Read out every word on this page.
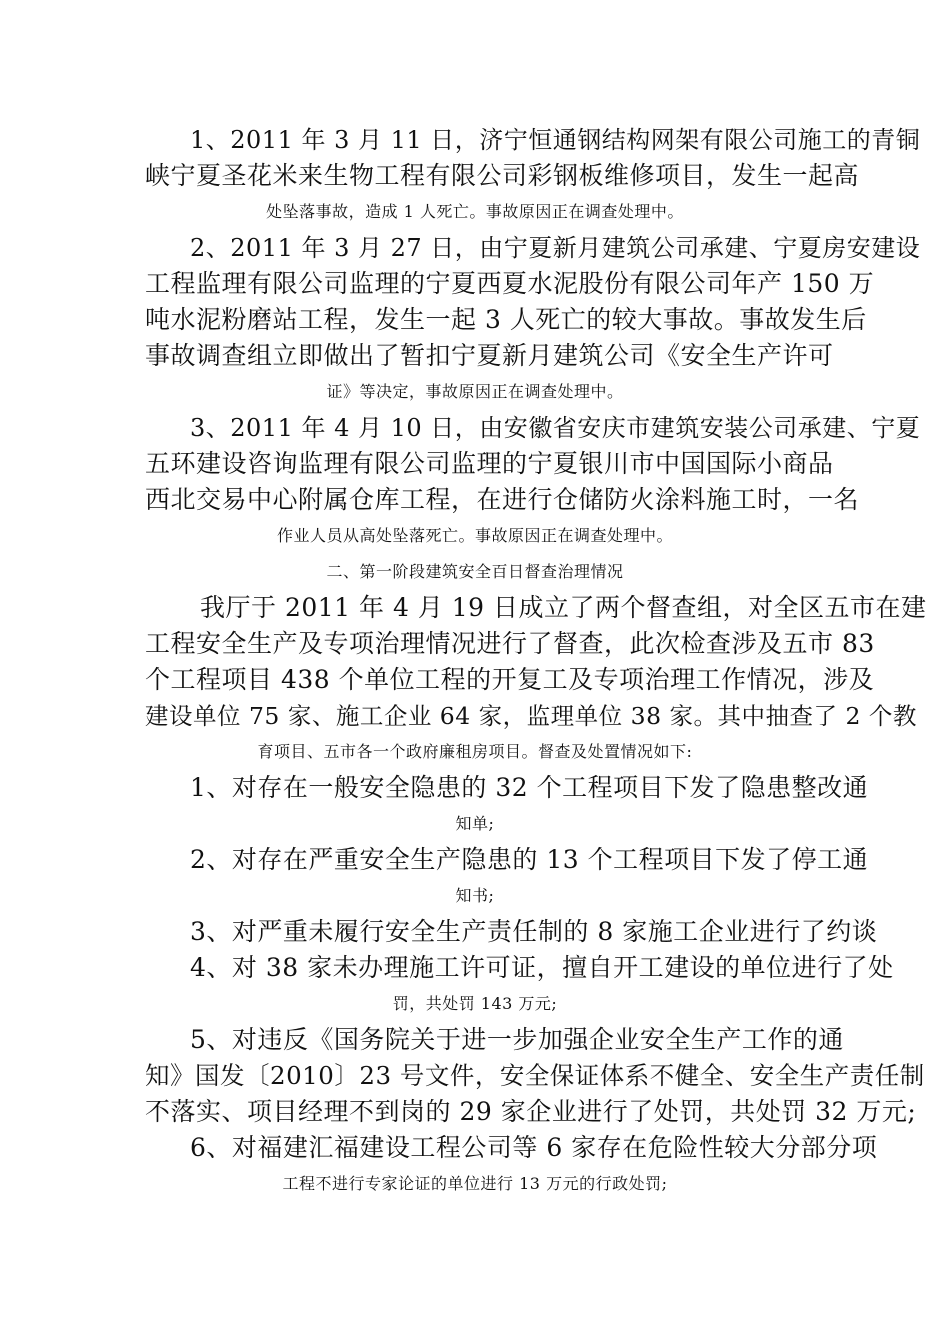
1、2011 年 3 月 11 日，济宁恒通钢结构网架有限公司施工的青铜
峡宁夏圣花米来生物工程有限公司彩钢板维修项目，发生一起高
处坠落事故，造成 1 人死亡。事故原因正在调查处理中。
2、2011 年 3 月 27 日，由宁夏新月建筑公司承建、宁夏房安建设
工程监理有限公司监理的宁夏西夏水泥股份有限公司年产 150 万
吨水泥粉磨站工程，发生一起 3 人死亡的较大事故。事故发生后
事故调查组立即做出了暂扣宁夏新月建筑公司《安全生产许可
证》等决定，事故原因正在调查处理中。
3、2011 年 4 月 10 日，由安徽省安庆市建筑安装公司承建、宁夏
五环建设咨询监理有限公司监理的宁夏银川市中国国际小商品
西北交易中心附属仓库工程，在进行仓储防火涂料施工时，一名
作业人员从高处坠落死亡。事故原因正在调查处理中。
二、第一阶段建筑安全百日督查治理情况
我厅于 2011 年 4 月 19 日成立了两个督查组，对全区五市在建
工程安全生产及专项治理情况进行了督查，此次检查涉及五市 83
个工程项目 438 个单位工程的开复工及专项治理工作情况，涉及
建设单位 75 家、施工企业 64 家，监理单位 38 家。其中抽查了 2 个教
育项目、五市各一个政府廉租房项目。督查及处置情况如下:
1、对存在一般安全隐患的 32 个工程项目下发了隐患整改通
知单;
2、对存在严重安全生产隐患的 13 个工程项目下发了停工通
知书;
3、对严重未履行安全生产责任制的 8 家施工企业进行了约谈
4、对 38 家未办理施工许可证，擅自开工建设的单位进行了处
罚，共处罚 143 万元;
5、对违反《国务院关于进一步加强企业安全生产工作的通
知》国发〔2010〕23 号文件，安全保证体系不健全、安全生产责任制
不落实、项目经理不到岗的 29 家企业进行了处罚，共处罚 32 万元;
6、对福建汇福建设工程公司等 6 家存在危险性较大分部分项
工程不进行专家论证的单位进行 13 万元的行政处罚;
